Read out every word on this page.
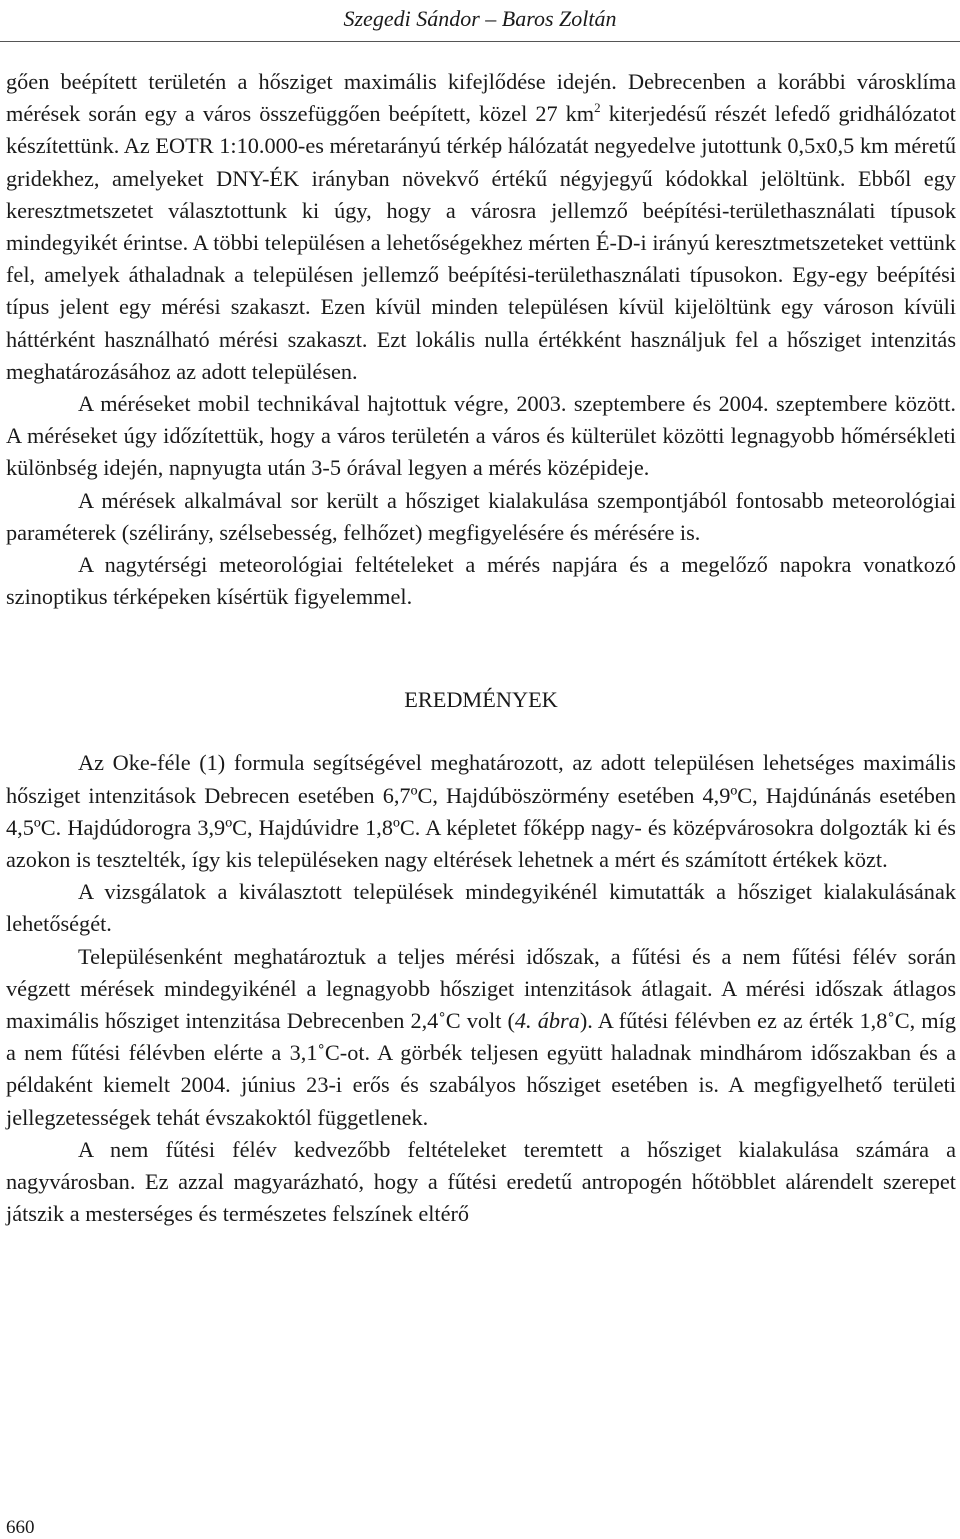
Szegedi Sándor – Baros Zoltán

gően beépített területén a hősziget maximális kifejlődése idején. Debrecenben a korábbi városklíma mérések során egy a város összefüggően beépített, közel 27 $km^2$ kiterjedésű részét lefedő gridhálózatot készítettünk. Az EOTR 1:10.000-es méretarányú térkép hálózatát negyedelve jutottunk 0,5x0,5 km méretű gridekhez, amelyeket DNY-ÉK irányban növekvő értékű négyjegyű kódokkal jelöltünk. Ebből egy keresztmetszetet választottunk ki úgy, hogy a városra jellemző beépítési-területhasználati típusok mindegyikét érintse. A többi településen a lehetőségekhez mérten É-D-i irányú keresztmetszeteket vettünk fel, amelyek áthaladnak a településen jellemző beépítési-területhasználati típusokon. Egy-egy beépítési típus jelent egy mérési szakaszt. Ezen kívül minden településen kívül kijelöltünk egy városon kívüli háttérként használható mérési szakaszt. Ezt lokális nulla értékként használjuk fel a hősziget intenzitás meghatározásához az adott településen.

A méréseket mobil technikával hajtottuk végre, 2003. szeptembere és 2004. szeptembere között. A méréseket úgy időzítettük, hogy a város területén a város és külterület közötti legnagyobb hőmérsékleti különbség idején, napnyugta után 3-5 órával legyen a mérés középideje.

A mérések alkalmával sor került a hősziget kialakulása szempontjából fontosabb meteorológiai paraméterek (szélirány, szélsebesség, felhőzet) megfigyelésére és mérésére is.

A nagytérségi meteorológiai feltételeket a mérés napjára és a megelőző napokra vonatkozó szinoptikus térképeken kísértük figyelemmel.

EREDMÉNYEK

Az Oke-féle (1) formula segítségével meghatározott, az adott településen lehetséges maximális hősziget intenzitások Debrecen esetében 6,7ºC, Hajdúböszörmény esetében 4,9ºC, Hajdúnánás esetében 4,5ºC. Hajdúdorogra 3,9ºC, Hajdúvidre 1,8ºC. A képletet főképp nagy- és középvárosokra dolgozták ki és azokon is tesztelték, így kis településeken nagy eltérések lehetnek a mért és számított értékek közt.

A vizsgálatok a kiválasztott települések mindegyikénél kimutatták a hősziget kialakulásának lehetőségét.

Településenként meghatároztuk a teljes mérési időszak, a fűtési és a nem fűtési félév során végzett mérések mindegyikénél a legnagyobb hősziget intenzitások átlagait. A mérési időszak átlagos maximális hősziget intenzitása Debrecenben 2,4˚C volt (4. ábra). A fűtési félévben ez az érték 1,8˚C, míg a nem fűtési félévben elérte a 3,1˚C-ot. A görbék teljesen együtt haladnak mindhárom időszakban és a példaként kiemelt 2004. június 23-i erős és szabályos hősziget esetében is. A megfigyelhető területi jellegzetességek tehát évszakoktól függetlenek.

A nem fűtési félév kedvezőbb feltételeket teremtett a hősziget kialakulása számára a nagyvárosban. Ez azzal magyarázható, hogy a fűtési eredetű antropogén hőtöbblet alárendelt szerepet játszik a mesterséges és természetes felszínek eltérő

660
